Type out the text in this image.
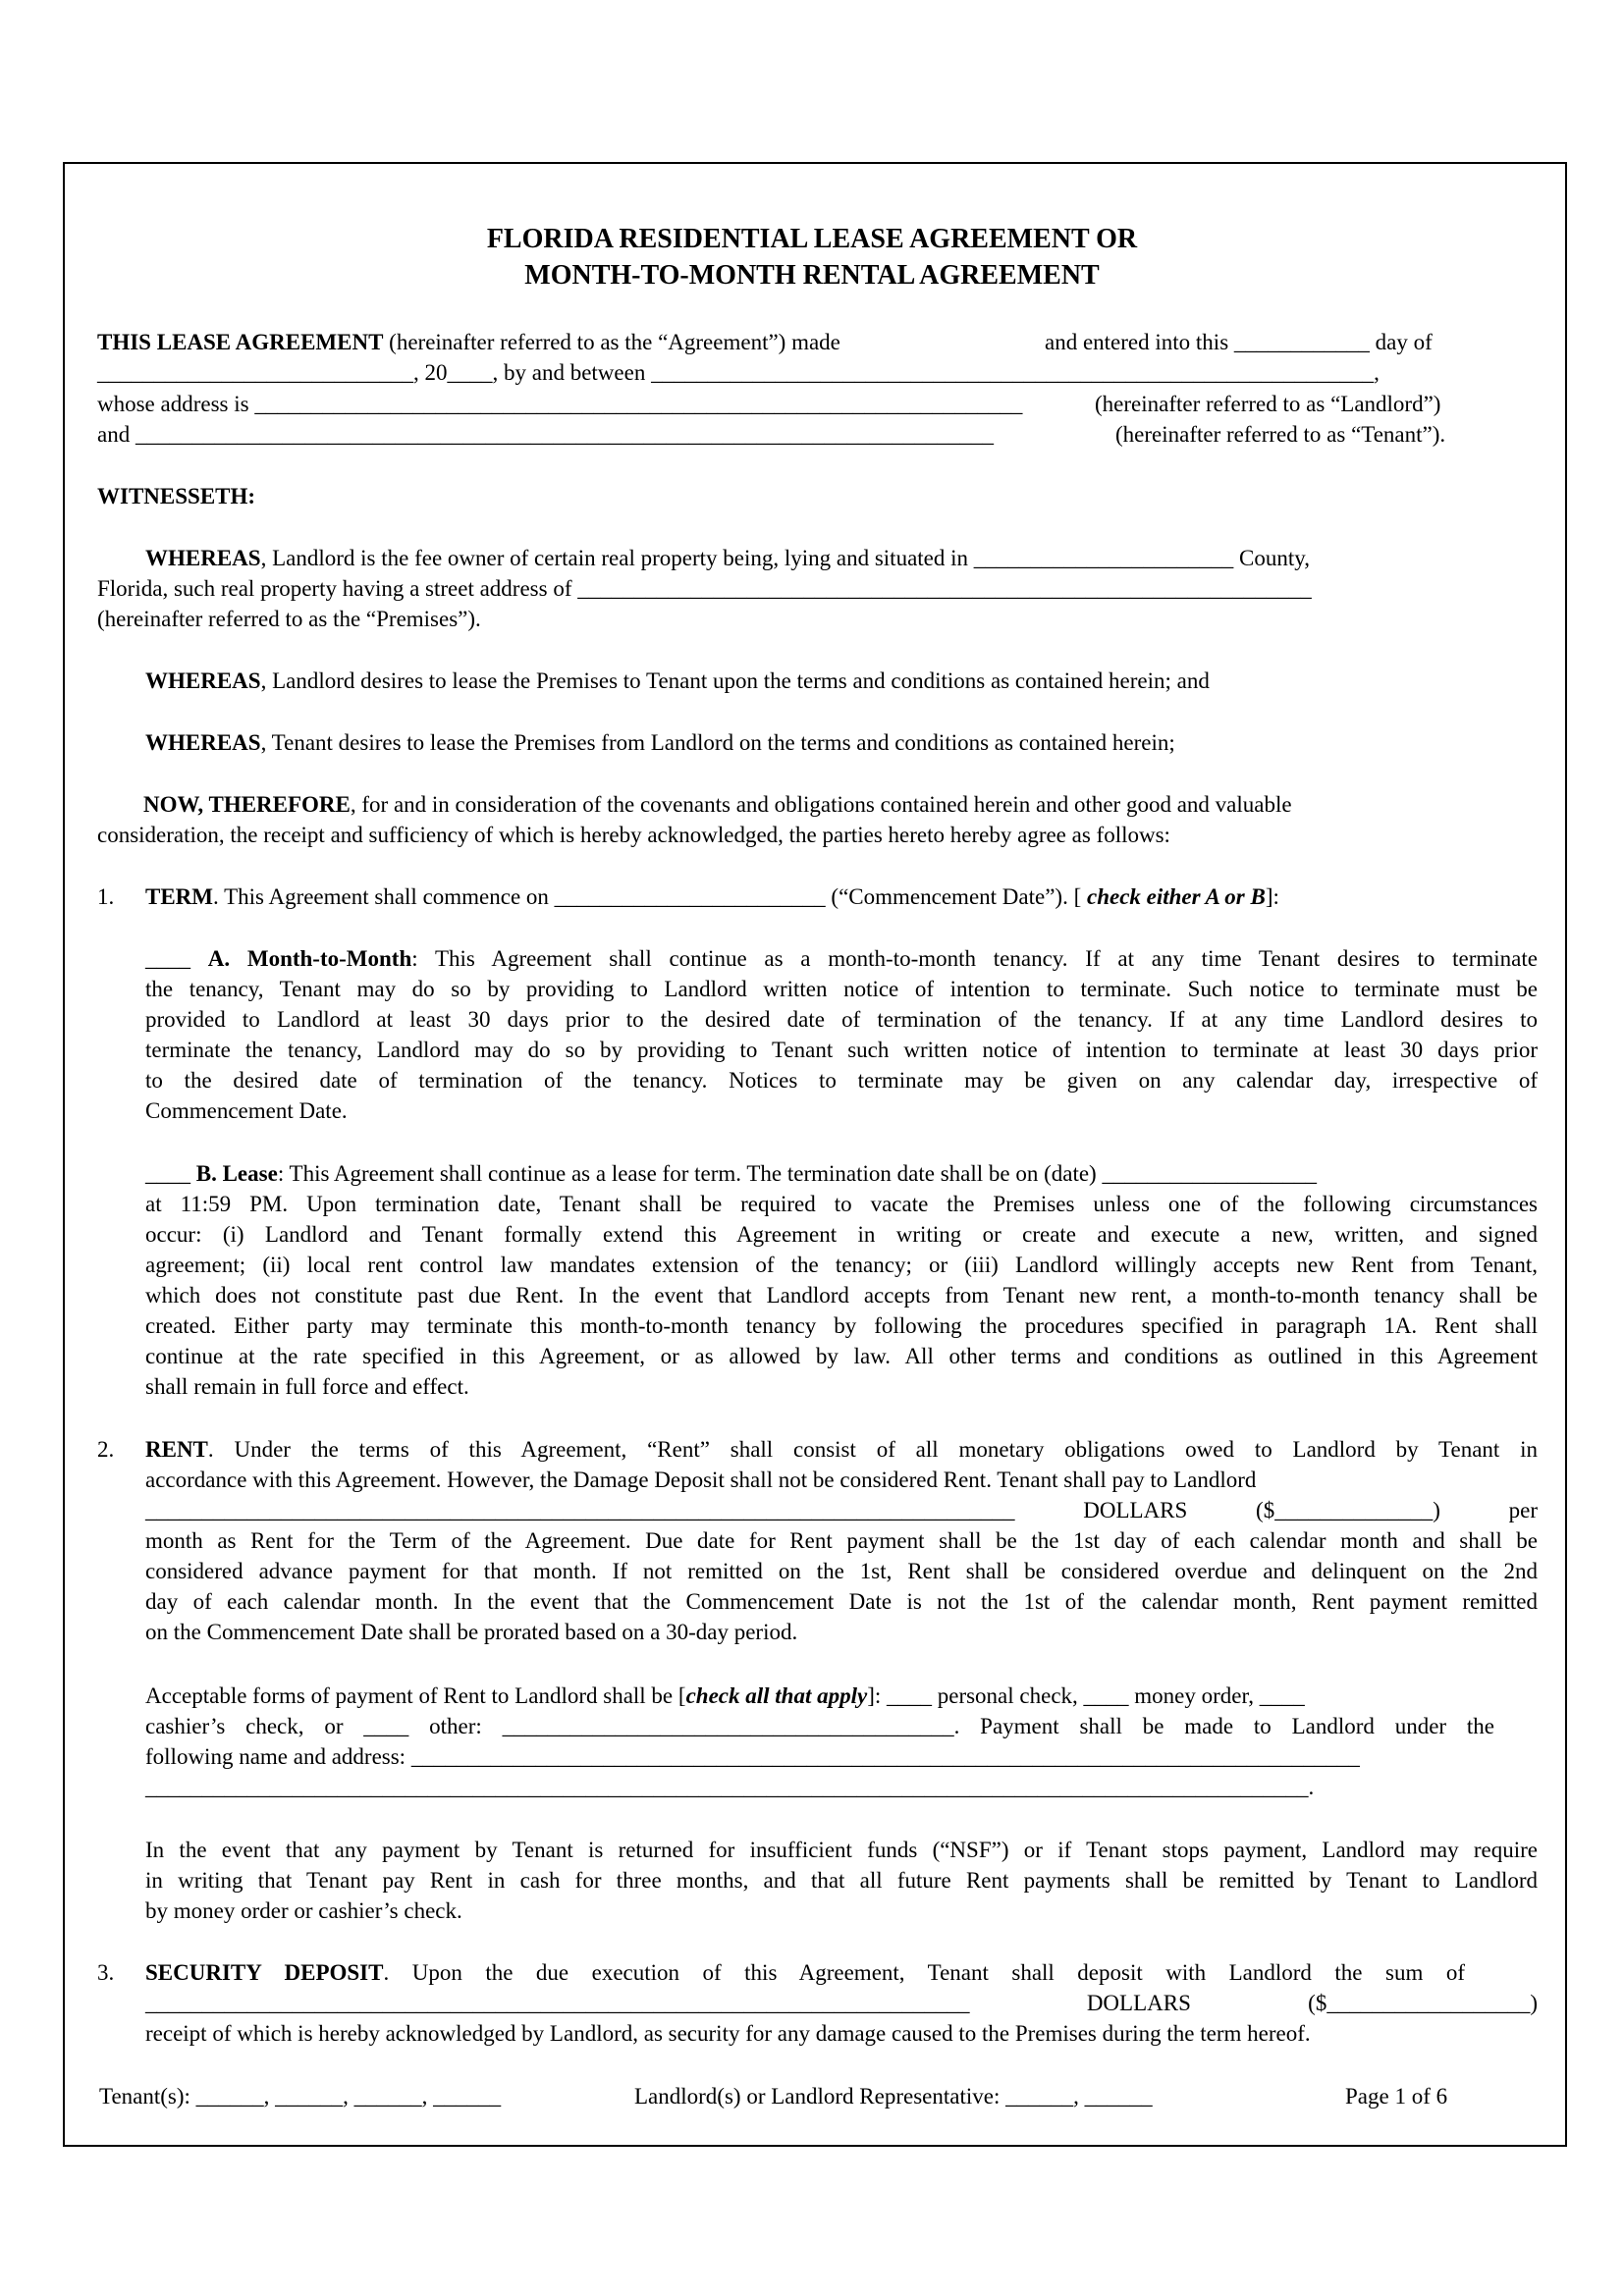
FLORIDA RESIDENTIAL LEASE AGREEMENT OR
MONTH-TO-MONTH RENTAL AGREEMENT
THIS LEASE AGREEMENT (hereinafter referred to as the “Agreement”) made	and entered into this ____________ day of
____________________________, 20____, by and between ________________________________________________________________,
whose address is ____________________________________________________________________	(hereinafter referred to as “Landlord”)
and ____________________________________________________________________________	(hereinafter referred to as “Tenant”).
WITNESSETH:
WHEREAS, Landlord is the fee owner of certain real property being, lying and situated in _______________________ County,
Florida, such real property having a street address of _________________________________________________________________
(hereinafter referred to as the “Premises”).
WHEREAS, Landlord desires to lease the Premises to Tenant upon the terms and conditions as contained herein; and
WHEREAS, Tenant desires to lease the Premises from Landlord on the terms and conditions as contained herein;
NOW, THEREFORE, for and in consideration of the covenants and obligations contained herein and other good and valuable
consideration, the receipt and sufficiency of which is hereby acknowledged, the parties hereto hereby agree as follows:
1. TERM. This Agreement shall commence on ________________________ (“Commencement Date”). [ check either A or B]:
____ A. Month-to-Month: This Agreement shall continue as a month-to-month tenancy. If at any time Tenant desires to terminate
the tenancy, Tenant may do so by providing to Landlord written notice of intention to terminate. Such notice to terminate must be
provided to Landlord at least 30 days prior to the desired date of termination of the tenancy. If at any time Landlord desires to
terminate the tenancy, Landlord may do so by providing to Tenant such written notice of intention to terminate at least 30 days prior
to the desired date of termination of the tenancy. Notices to terminate may be given on any calendar day, irrespective of
Commencement Date.
____ B. Lease: This Agreement shall continue as a lease for term. The termination date shall be on (date) ___________________
at 11:59 PM. Upon termination date, Tenant shall be required to vacate the Premises unless one of the following circumstances
occur: (i) Landlord and Tenant formally extend this Agreement in writing or create and execute a new, written, and signed
agreement; (ii) local rent control law mandates extension of the tenancy; or (iii) Landlord willingly accepts new Rent from Tenant,
which does not constitute past due Rent. In the event that Landlord accepts from Tenant new rent, a month-to-month tenancy shall be
created. Either party may terminate this month-to-month tenancy by following the procedures specified in paragraph 1A. Rent shall
continue at the rate specified in this Agreement, or as allowed by law. All other terms and conditions as outlined in this Agreement
shall remain in full force and effect.
2. RENT. Under the terms of this Agreement, “Rent” shall consist of all monetary obligations owed to Landlord by Tenant in
accordance with this Agreement. However, the Damage Deposit shall not be considered Rent. Tenant shall pay to Landlord
_____________________________________________________________________________	DOLLARS ($______________) per
month as Rent for the Term of the Agreement. Due date for Rent payment shall be the 1st day of each calendar month and shall be
considered advance payment for that month. If not remitted on the 1st, Rent shall be considered overdue and delinquent on the 2nd
day of each calendar month. In the event that the Commencement Date is not the 1st of the calendar month, Rent payment remitted
on the Commencement Date shall be prorated based on a 30-day period.
Acceptable forms of payment of Rent to Landlord shall be [check all that apply]: ____ personal check, ____ money order, ____
cashier’s check, or ____ other: ________________________________________. Payment shall be made to Landlord under the
following name and address: ____________________________________________________________________________________
_______________________________________________________________________________________________________.
In the event that any payment by Tenant is returned for insufficient funds (“NSF”) or if Tenant stops payment, Landlord may require
in writing that Tenant pay Rent in cash for three months, and that all future Rent payments shall be remitted by Tenant to Landlord
by money order or cashier’s check.
3. SECURITY DEPOSIT. Upon the due execution of this Agreement, Tenant shall deposit with Landlord the sum of
_________________________________________________________________________	DOLLARS ($__________________)
receipt of which is hereby acknowledged by Landlord, as security for any damage caused to the Premises during the term hereof.
Tenant(s): ______, ______, ______, ______	Landlord(s) or Landlord Representative: ______, ______	Page 1 of 6
